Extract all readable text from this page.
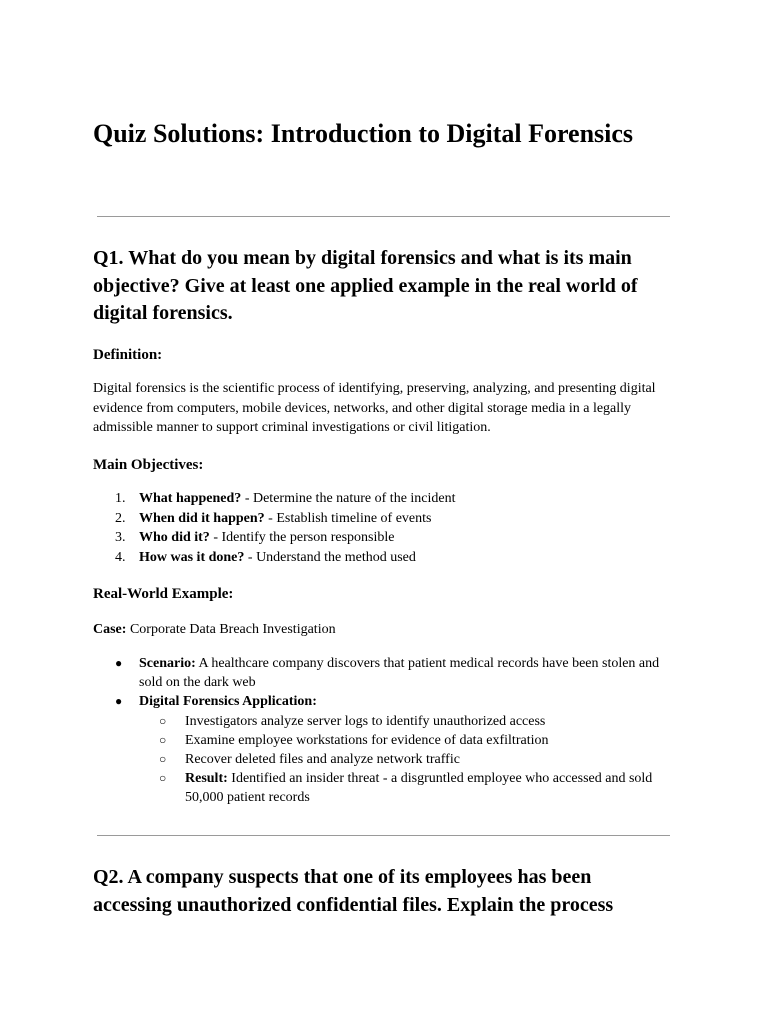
Quiz Solutions: Introduction to Digital Forensics
Q1. What do you mean by digital forensics and what is its main objective? Give at least one applied example in the real world of digital forensics.

Definition:

Digital forensics is the scientific process of identifying, preserving, analyzing, and presenting digital evidence from computers, mobile devices, networks, and other digital storage media in a legally admissible manner to support criminal investigations or civil litigation.

Main Objectives:

1. What happened? - Determine the nature of the incident
2. When did it happen? - Establish timeline of events
3. Who did it? - Identify the person responsible
4. How was it done? - Understand the method used

Real-World Example:

Case: Corporate Data Breach Investigation

● Scenario: A healthcare company discovers that patient medical records have been stolen and sold on the dark web
● Digital Forensics Application:
○ Investigators analyze server logs to identify unauthorized access
○ Examine employee workstations for evidence of data exfiltration
○ Recover deleted files and analyze network traffic
○ Result: Identified an insider threat - a disgruntled employee who accessed and sold 50,000 patient records
Q2. A company suspects that one of its employees has been accessing unauthorized confidential files. Explain the process
